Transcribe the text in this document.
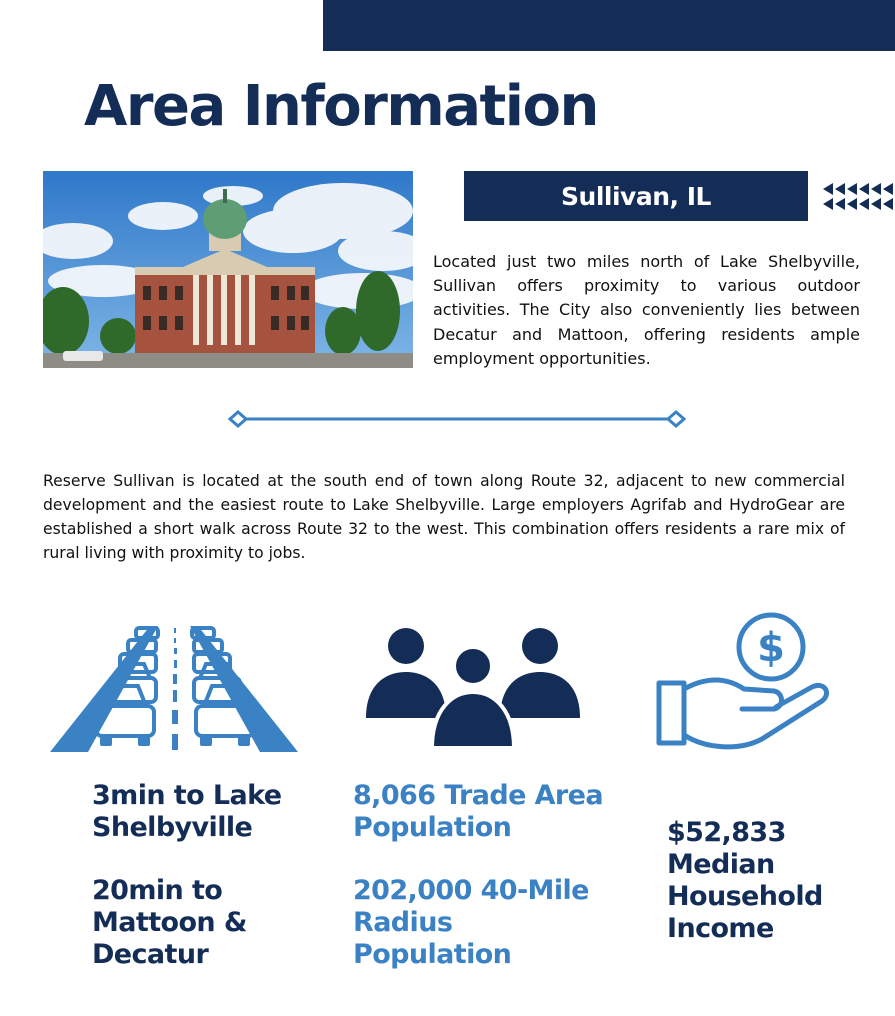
Area Information
Sullivan, IL

Located just two miles north of Lake Shelbyville, Sullivan offers proximity to various outdoor activities. The City also conveniently lies between Decatur and Mattoon, offering residents ample employment opportunities.

Reserve Sullivan is located at the south end of town along Route 32, adjacent to new commercial development and the easiest route to Lake Shelbyville. Large employers Agrifab and HydroGear are established a short walk across Route 32 to the west. This combination offers residents a rare mix of rural living with proximity to jobs.

$

3min to Lake Shelbyville

20min to Mattoon & Decatur

8,066 Trade Area Population

202,000 40-Mile Radius Population

$52,833 Median Household Income
